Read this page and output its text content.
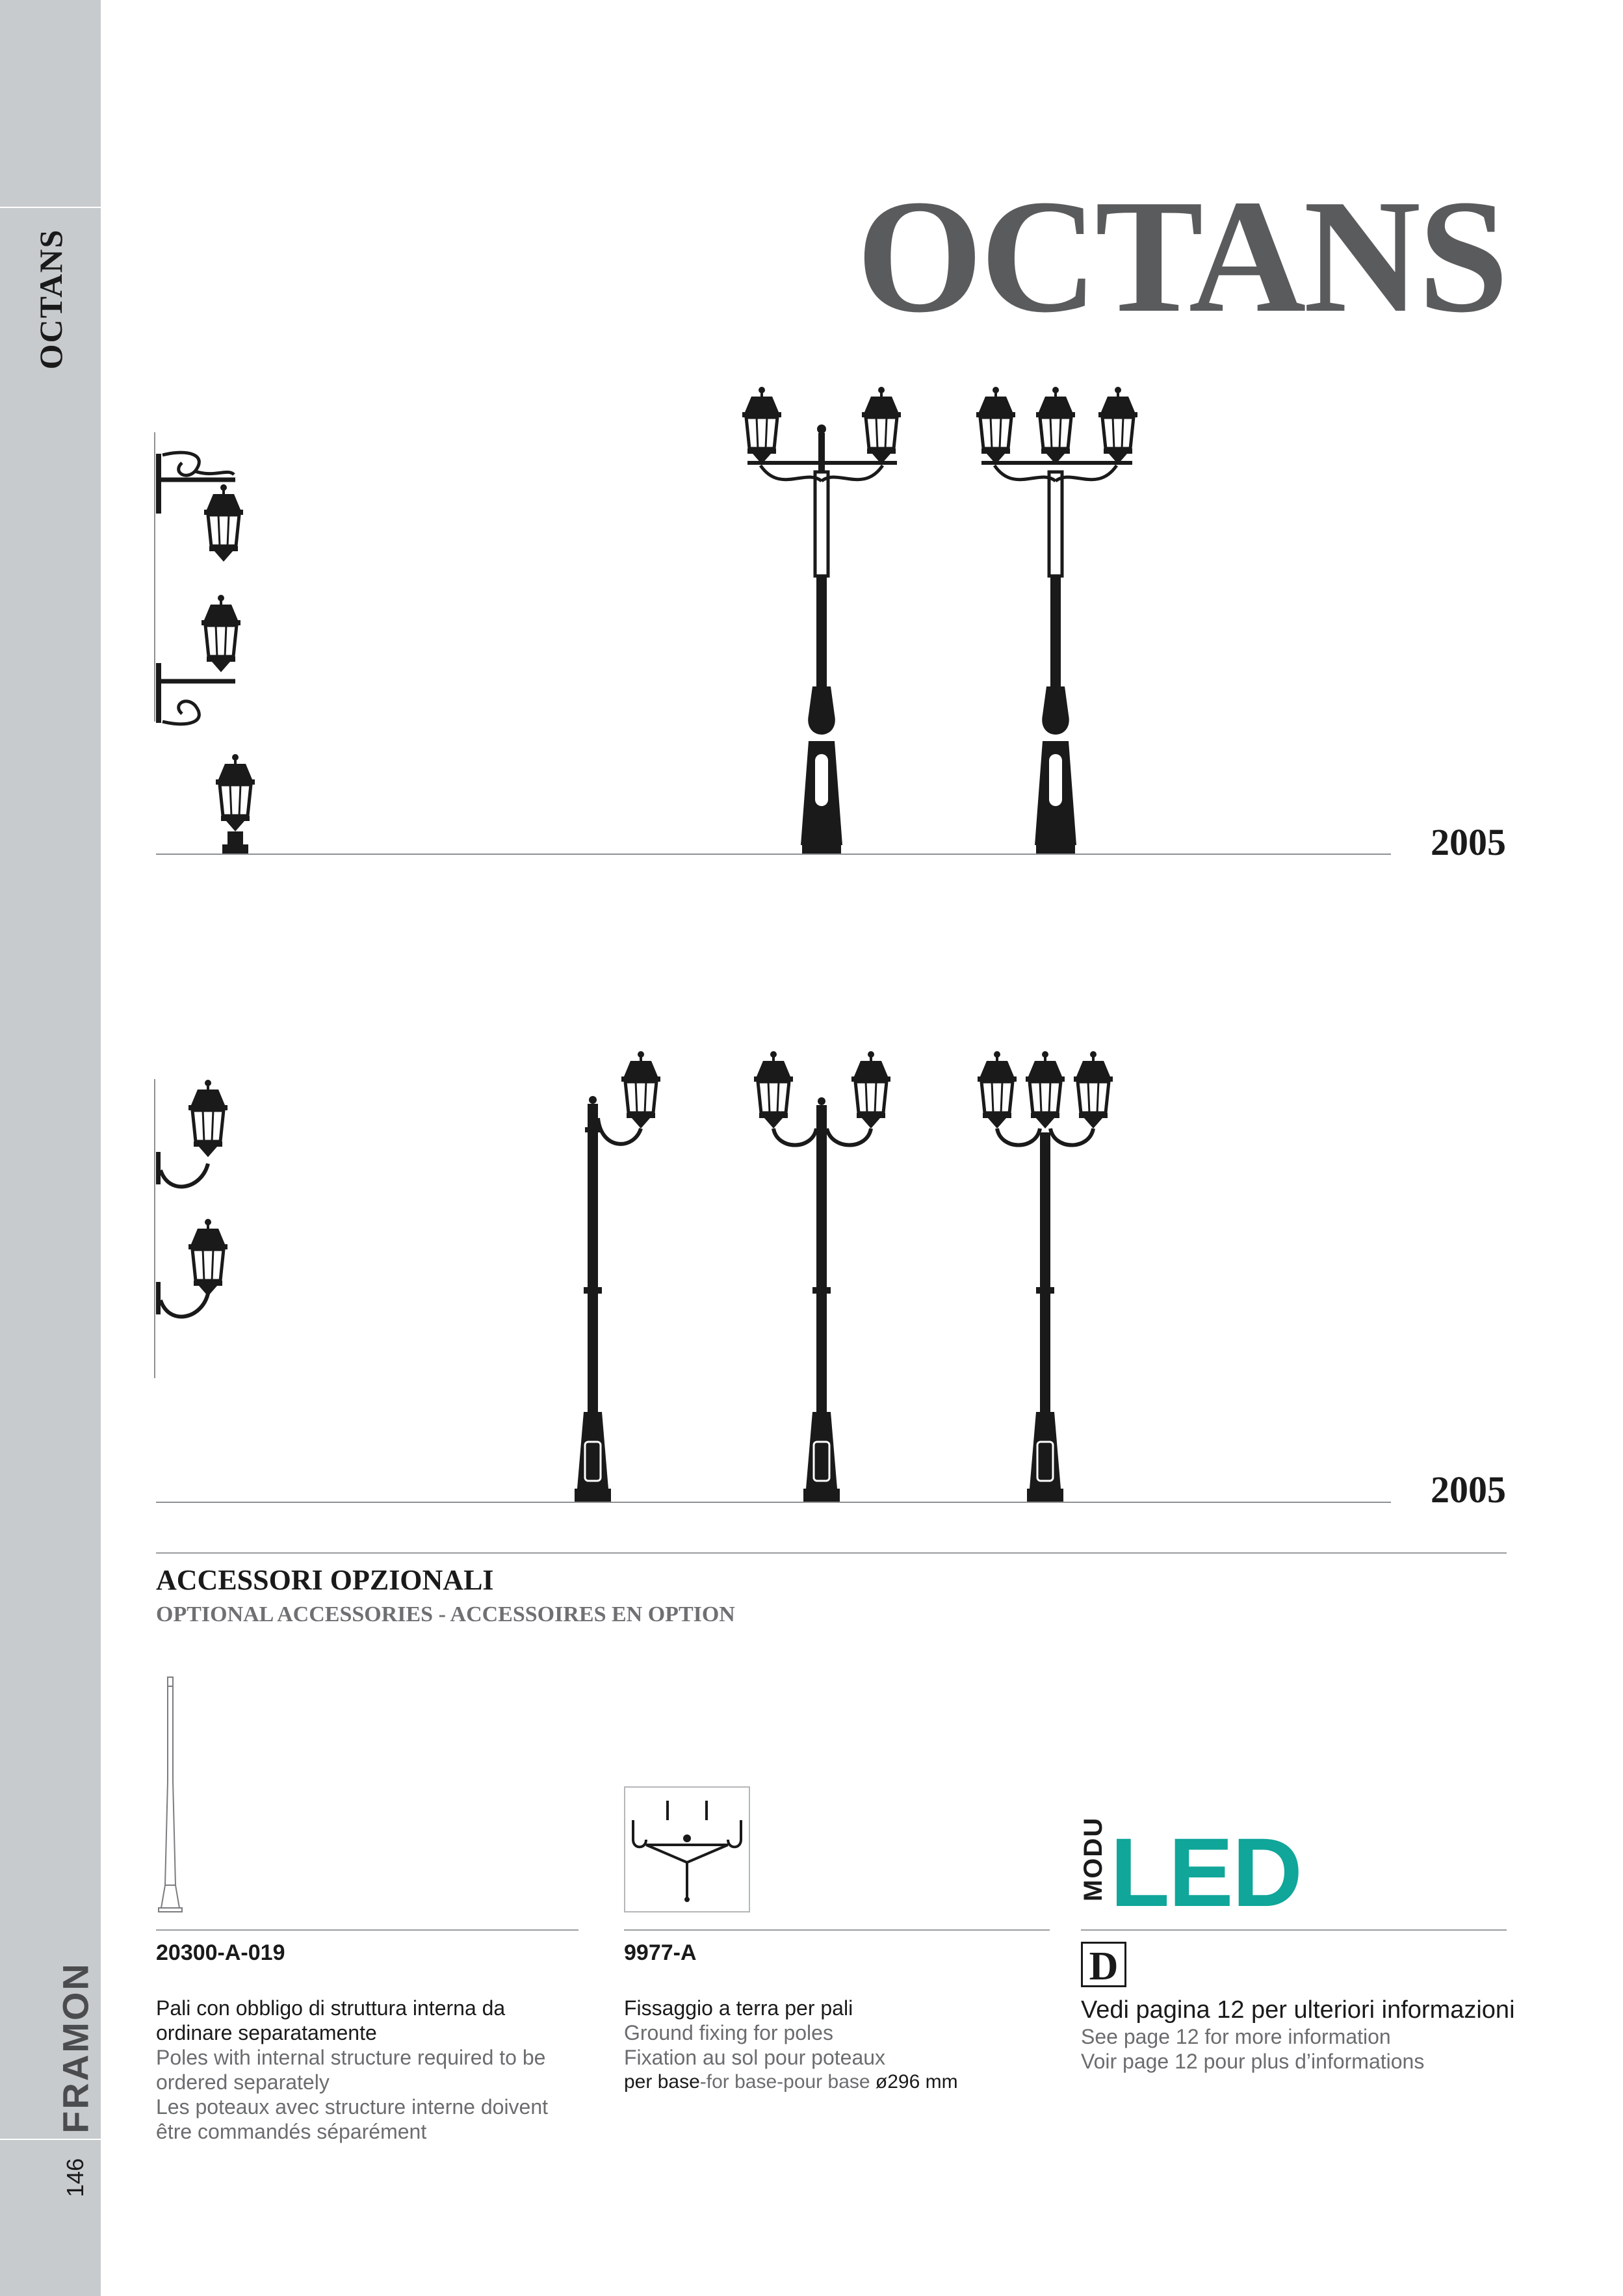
OCTANS
FRAMON
146
OCTANS
2005
2005
ACCESSORI OPZIONALI
OPTIONAL ACCESSORIES - ACCESSOIRES EN OPTION
MODU LED
20300-A-019	9977-A	D
Pali con obbligo di struttura interna da
ordinare separatamente
Poles with internal structure required to be
ordered separately
Les poteaux avec structure interne doivent
être commandés séparément
Fissaggio a terra per pali
Ground fixing for poles
Fixation au sol pour poteaux
per base-for base-pour base ø296 mm
Vedi pagina 12 per ulteriori informazioni
See page 12 for more information
Voir page 12 pour plus d’informations
